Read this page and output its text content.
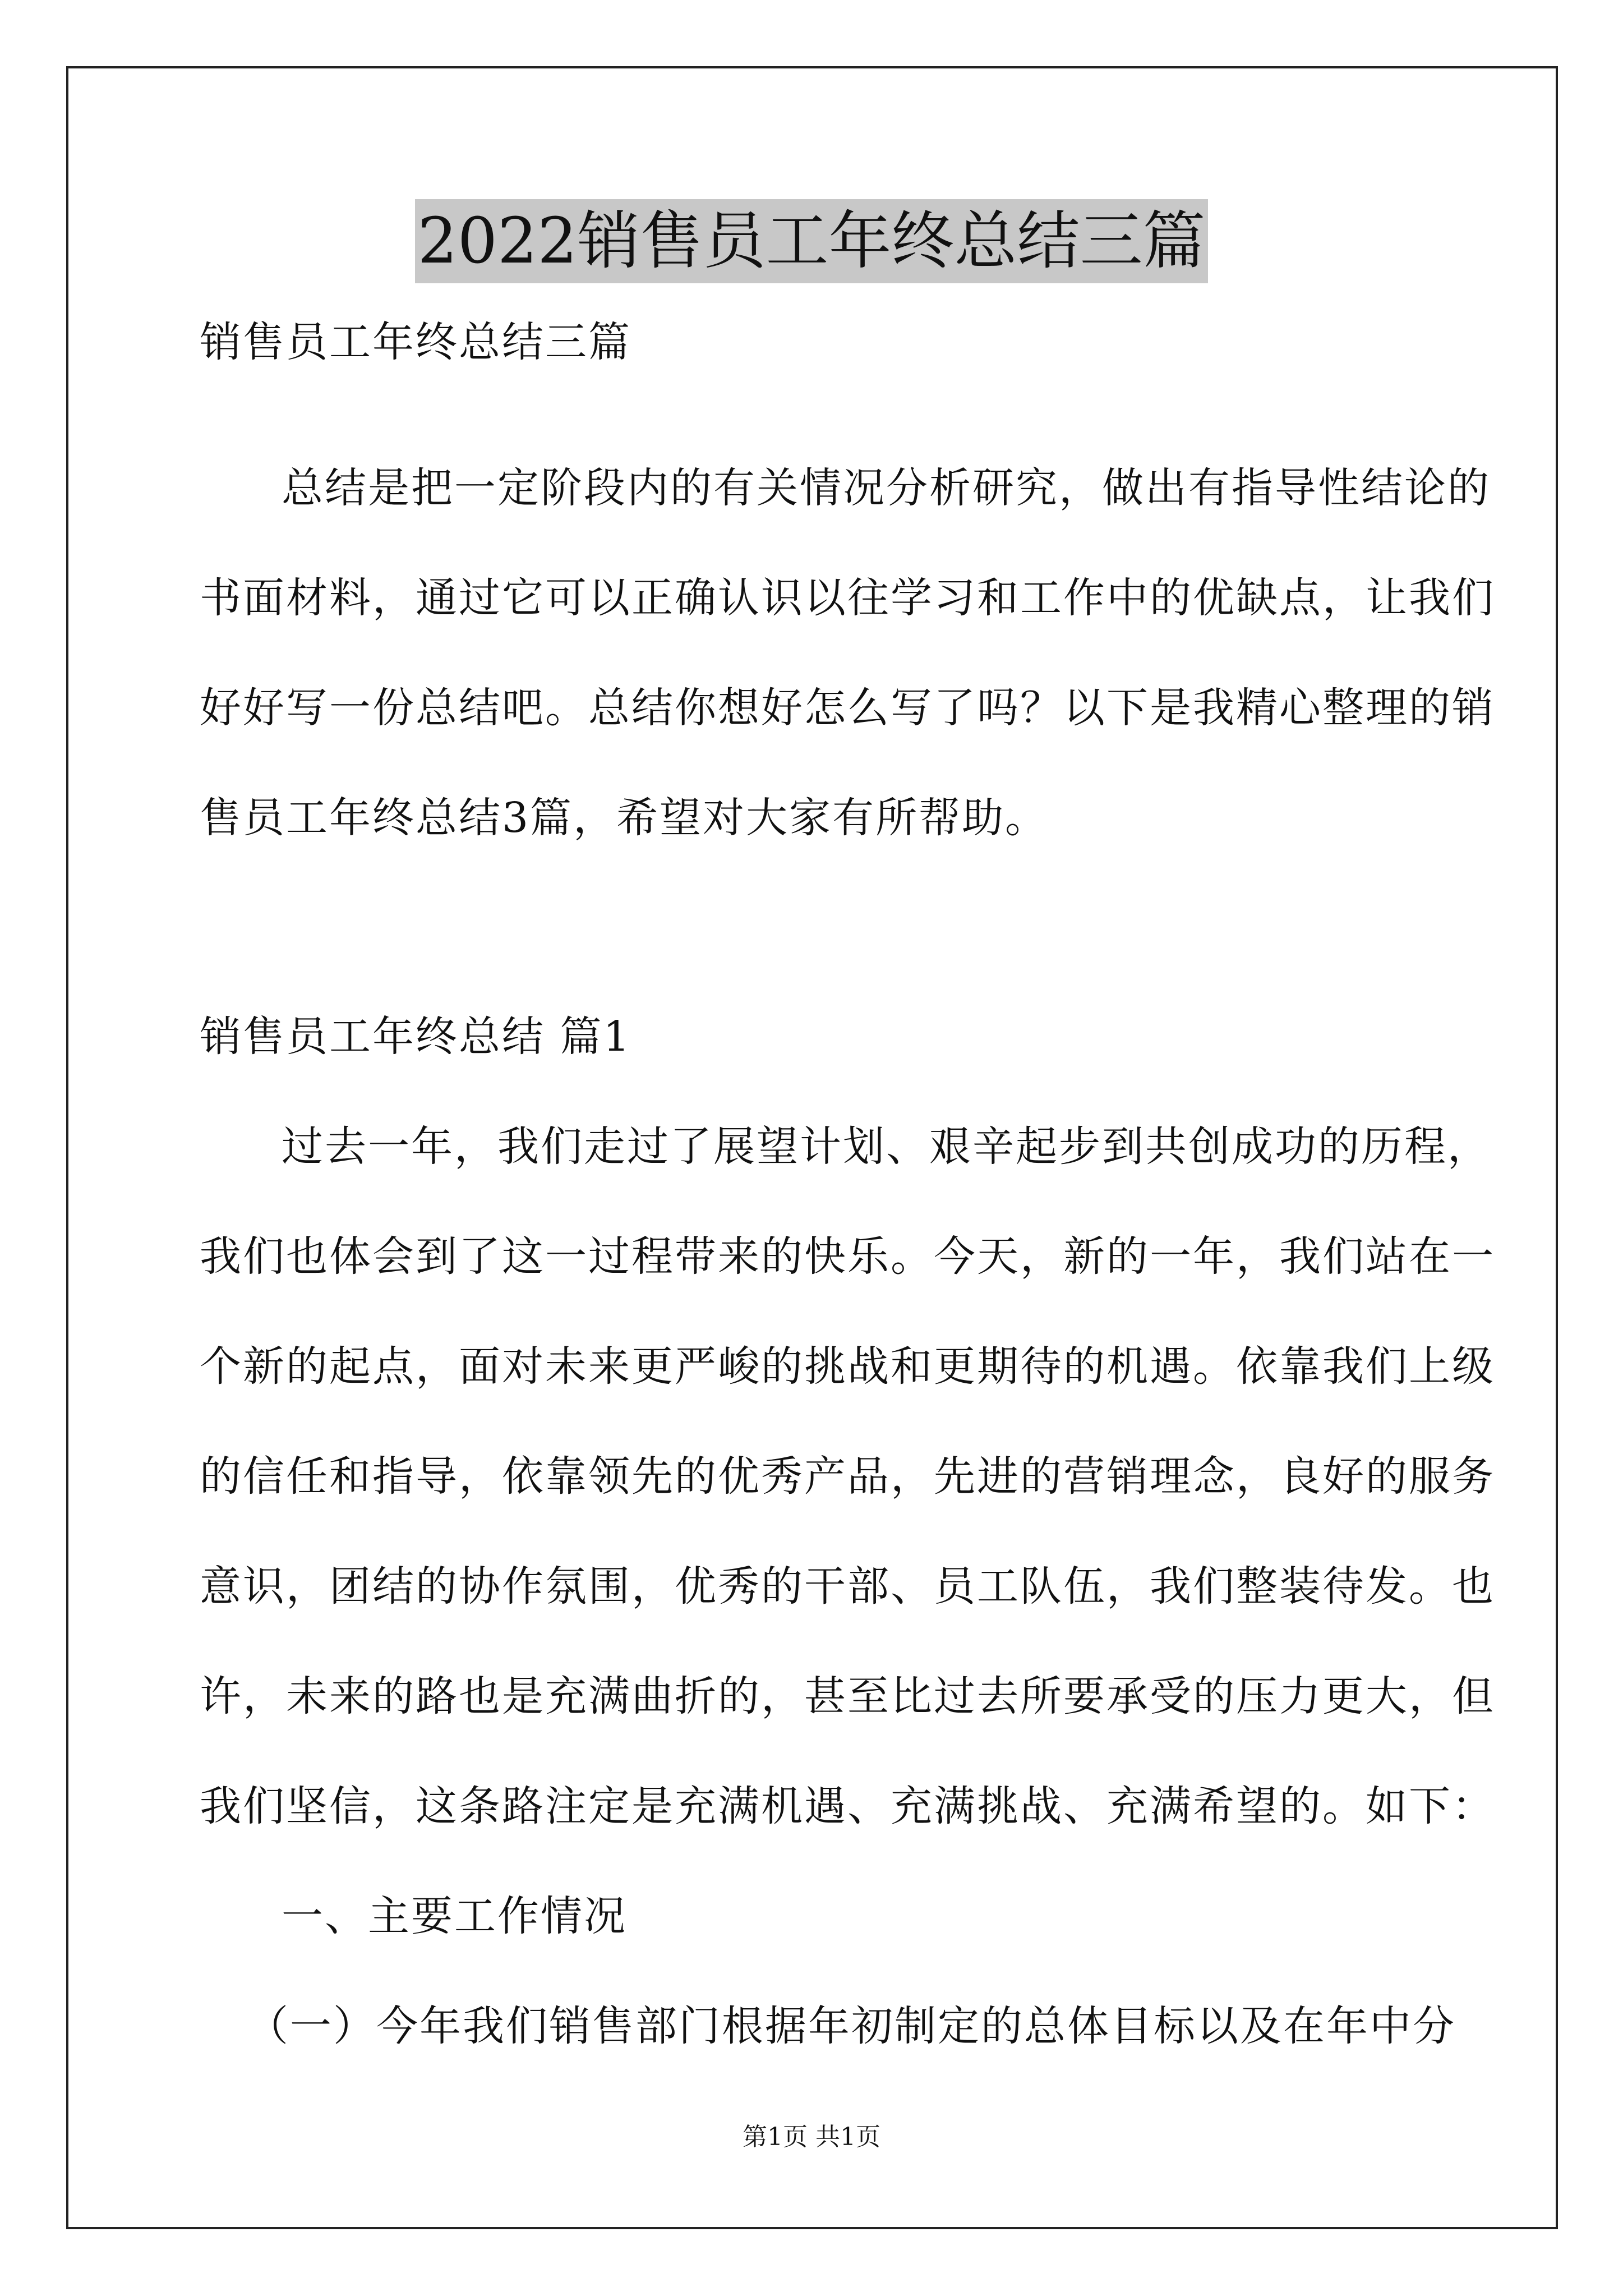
2022销售员工年终总结三篇
销售员工年终总结三篇
总结是把一定阶段内的有关情况分析研究，做出有指导性结论的
书面材料，通过它可以正确认识以往学习和工作中的优缺点，让我们
好好写一份总结吧。总结你想好怎么写了吗？以下是我精心整理的销
售员工年终总结3篇，希望对大家有所帮助。
销售员工年终总结 篇1
过去一年，我们走过了展望计划、艰辛起步到共创成功的历程，
我们也体会到了这一过程带来的快乐。今天，新的一年，我们站在一
个新的起点，面对未来更严峻的挑战和更期待的机遇。依靠我们上级
的信任和指导，依靠领先的优秀产品，先进的营销理念，良好的服务
意识，团结的协作氛围，优秀的干部、员工队伍，我们整装待发。也
许，未来的路也是充满曲折的，甚至比过去所要承受的压力更大，但
我们坚信，这条路注定是充满机遇、充满挑战、充满希望的。如下：
一、主要工作情况
（一）今年我们销售部门根据年初制定的总体目标以及在年中分
第1页 共1页
